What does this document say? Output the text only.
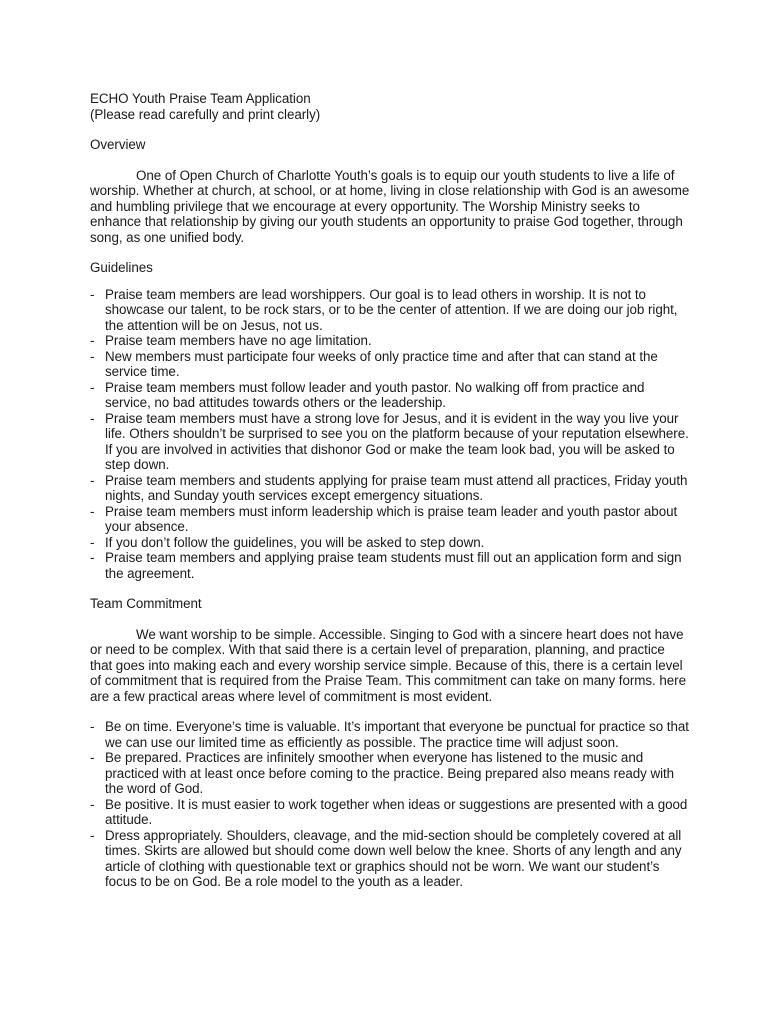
ECHO Youth Praise Team Application

(Please read carefully and print clearly)

Overview

One of Open Church of Charlotte Youth’s goals is to equip our youth students to live a life of worship. Whether at church, at school, or at home, living in close relationship with God is an awesome and humbling privilege that we encourage at every opportunity. The Worship Ministry seeks to enhance that relationship by giving our youth students an opportunity to praise God together, through song, as one unified body.

Guidelines

- Praise team members are lead worshippers. Our goal is to lead others in worship. It is not to showcase our talent, to be rock stars, or to be the center of attention. If we are doing our job right, the attention will be on Jesus, not us.
- Praise team members have no age limitation.
- New members must participate four weeks of only practice time and after that can stand at the service time.
- Praise team members must follow leader and youth pastor. No walking off from practice and service, no bad attitudes towards others or the leadership.
- Praise team members must have a strong love for Jesus, and it is evident in the way you live your life. Others shouldn’t be surprised to see you on the platform because of your reputation elsewhere. If you are involved in activities that dishonor God or make the team look bad, you will be asked to step down.
- Praise team members and students applying for praise team must attend all practices, Friday youth nights, and Sunday youth services except emergency situations.
- Praise team members must inform leadership which is praise team leader and youth pastor about your absence.
- If you don’t follow the guidelines, you will be asked to step down.
- Praise team members and applying praise team students must fill out an application form and sign the agreement.

Team Commitment

We want worship to be simple. Accessible. Singing to God with a sincere heart does not have or need to be complex. With that said there is a certain level of preparation, planning, and practice that goes into making each and every worship service simple. Because of this, there is a certain level of commitment that is required from the Praise Team. This commitment can take on many forms. here are a few practical areas where level of commitment is most evident.

- Be on time. Everyone’s time is valuable. It’s important that everyone be punctual for practice so that we can use our limited time as efficiently as possible. The practice time will adjust soon.
- Be prepared. Practices are infinitely smoother when everyone has listened to the music and practiced with at least once before coming to the practice. Being prepared also means ready with the word of God.
- Be positive. It is must easier to work together when ideas or suggestions are presented with a good attitude.
- Dress appropriately. Shoulders, cleavage, and the mid-section should be completely covered at all times. Skirts are allowed but should come down well below the knee. Shorts of any length and any article of clothing with questionable text or graphics should not be worn. We want our student’s focus to be on God. Be a role model to the youth as a leader.
